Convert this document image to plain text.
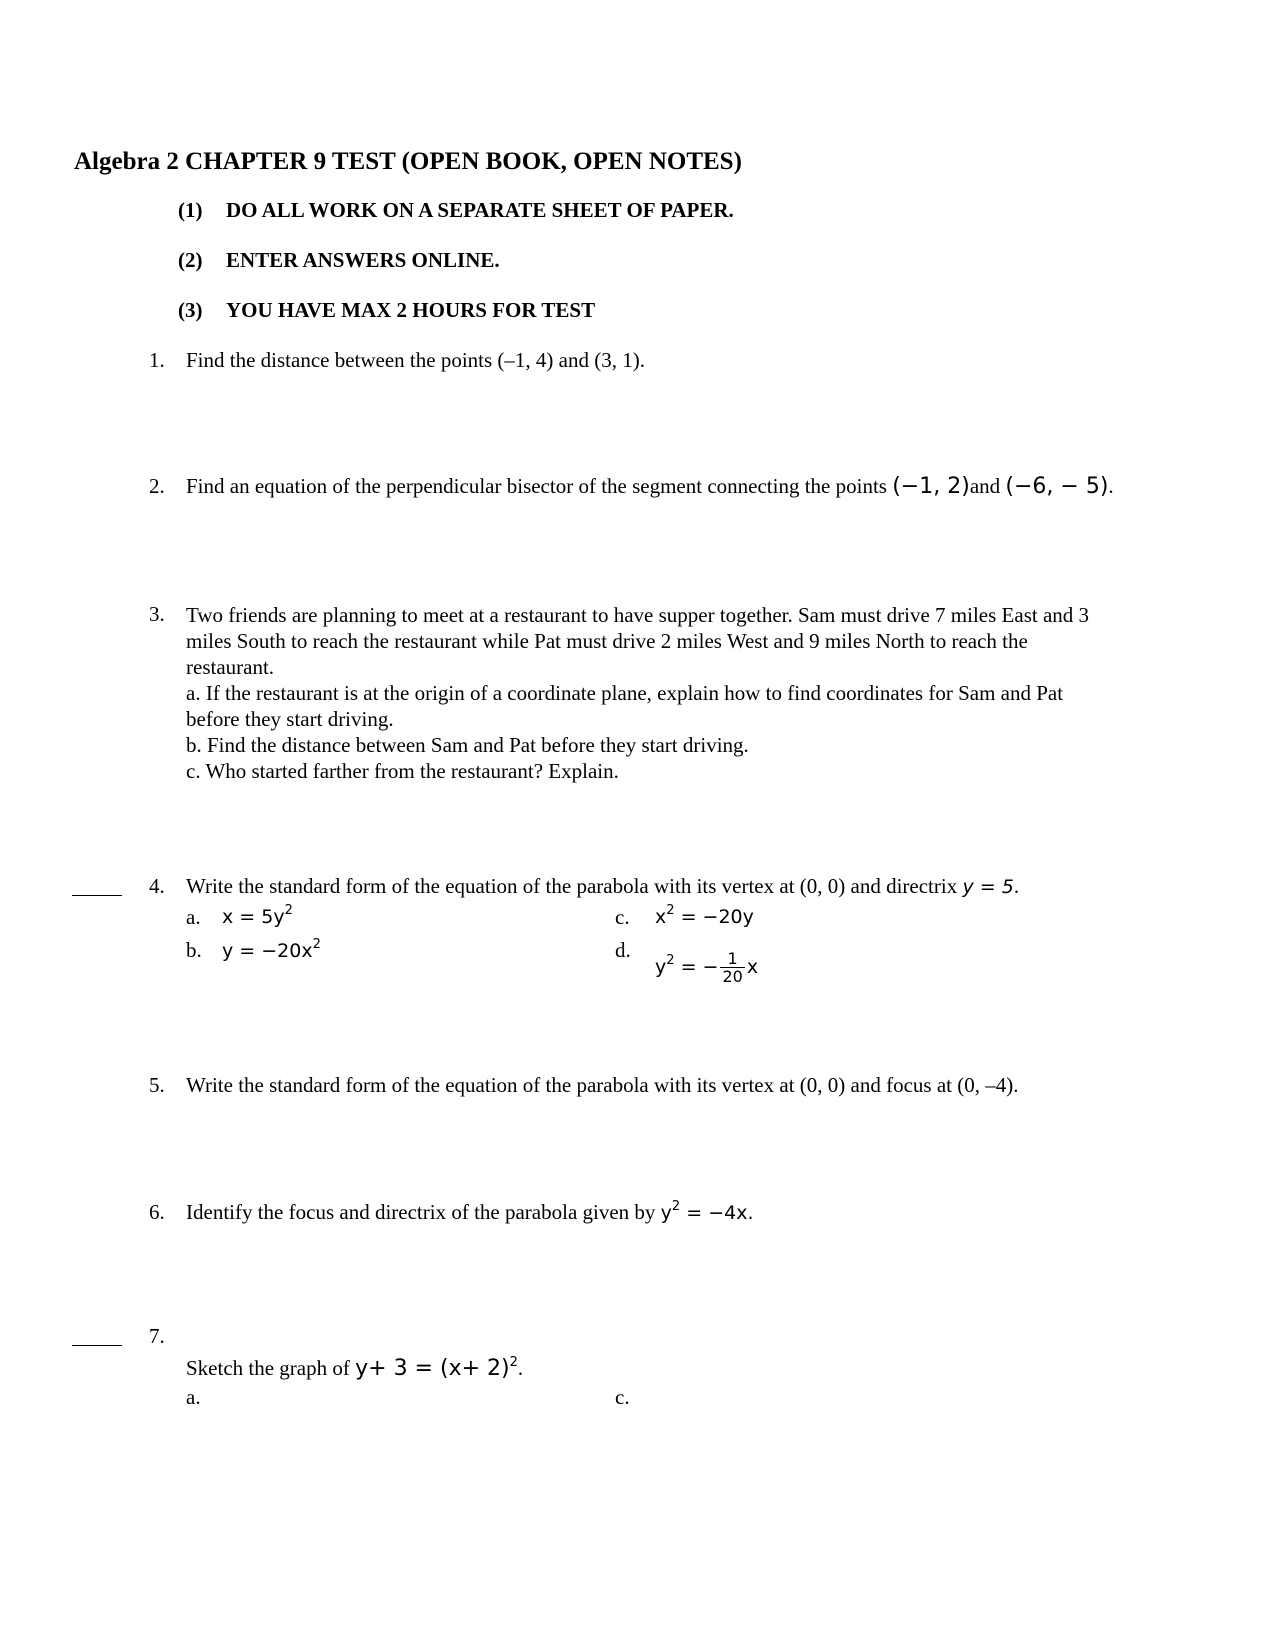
Algebra 2 CHAPTER 9 TEST (OPEN BOOK, OPEN NOTES)
(1) DO ALL WORK ON A SEPARATE SHEET OF PAPER.
(2) ENTER ANSWERS ONLINE.
(3) YOU HAVE MAX 2 HOURS FOR TEST
1. Find the distance between the points (–1, 4) and (3, 1).
2. Find an equation of the perpendicular bisector of the segment connecting the points (−1, 2)and (−6, − 5).
3. Two friends are planning to meet at a restaurant to have supper together. Sam must drive 7 miles East and 3
miles South to reach the restaurant while Pat must drive 2 miles West and 9 miles North to reach the
restaurant.
a. If the restaurant is at the origin of a coordinate plane, explain how to find coordinates for Sam and Pat
before they start driving.
b. Find the distance between Sam and Pat before they start driving.
c. Who started farther from the restaurant? Explain.
4. Write the standard form of the equation of the parabola with its vertex at (0, 0) and directrix y = 5.
a. $x = 5y^2$
b. $y = -20x^2$
c. $x^2 = -20y$
d.
$y^2$ = − $\frac{1}{20}$ x
5. Write the standard form of the equation of the parabola with its vertex at (0, 0) and focus at (0, –4).
6. Identify the focus and directrix of the parabola given by $y^2 = -4x$.
7.
Sketch the graph of $y+ 3 = (x+ 2)^2$.
a.	c.
